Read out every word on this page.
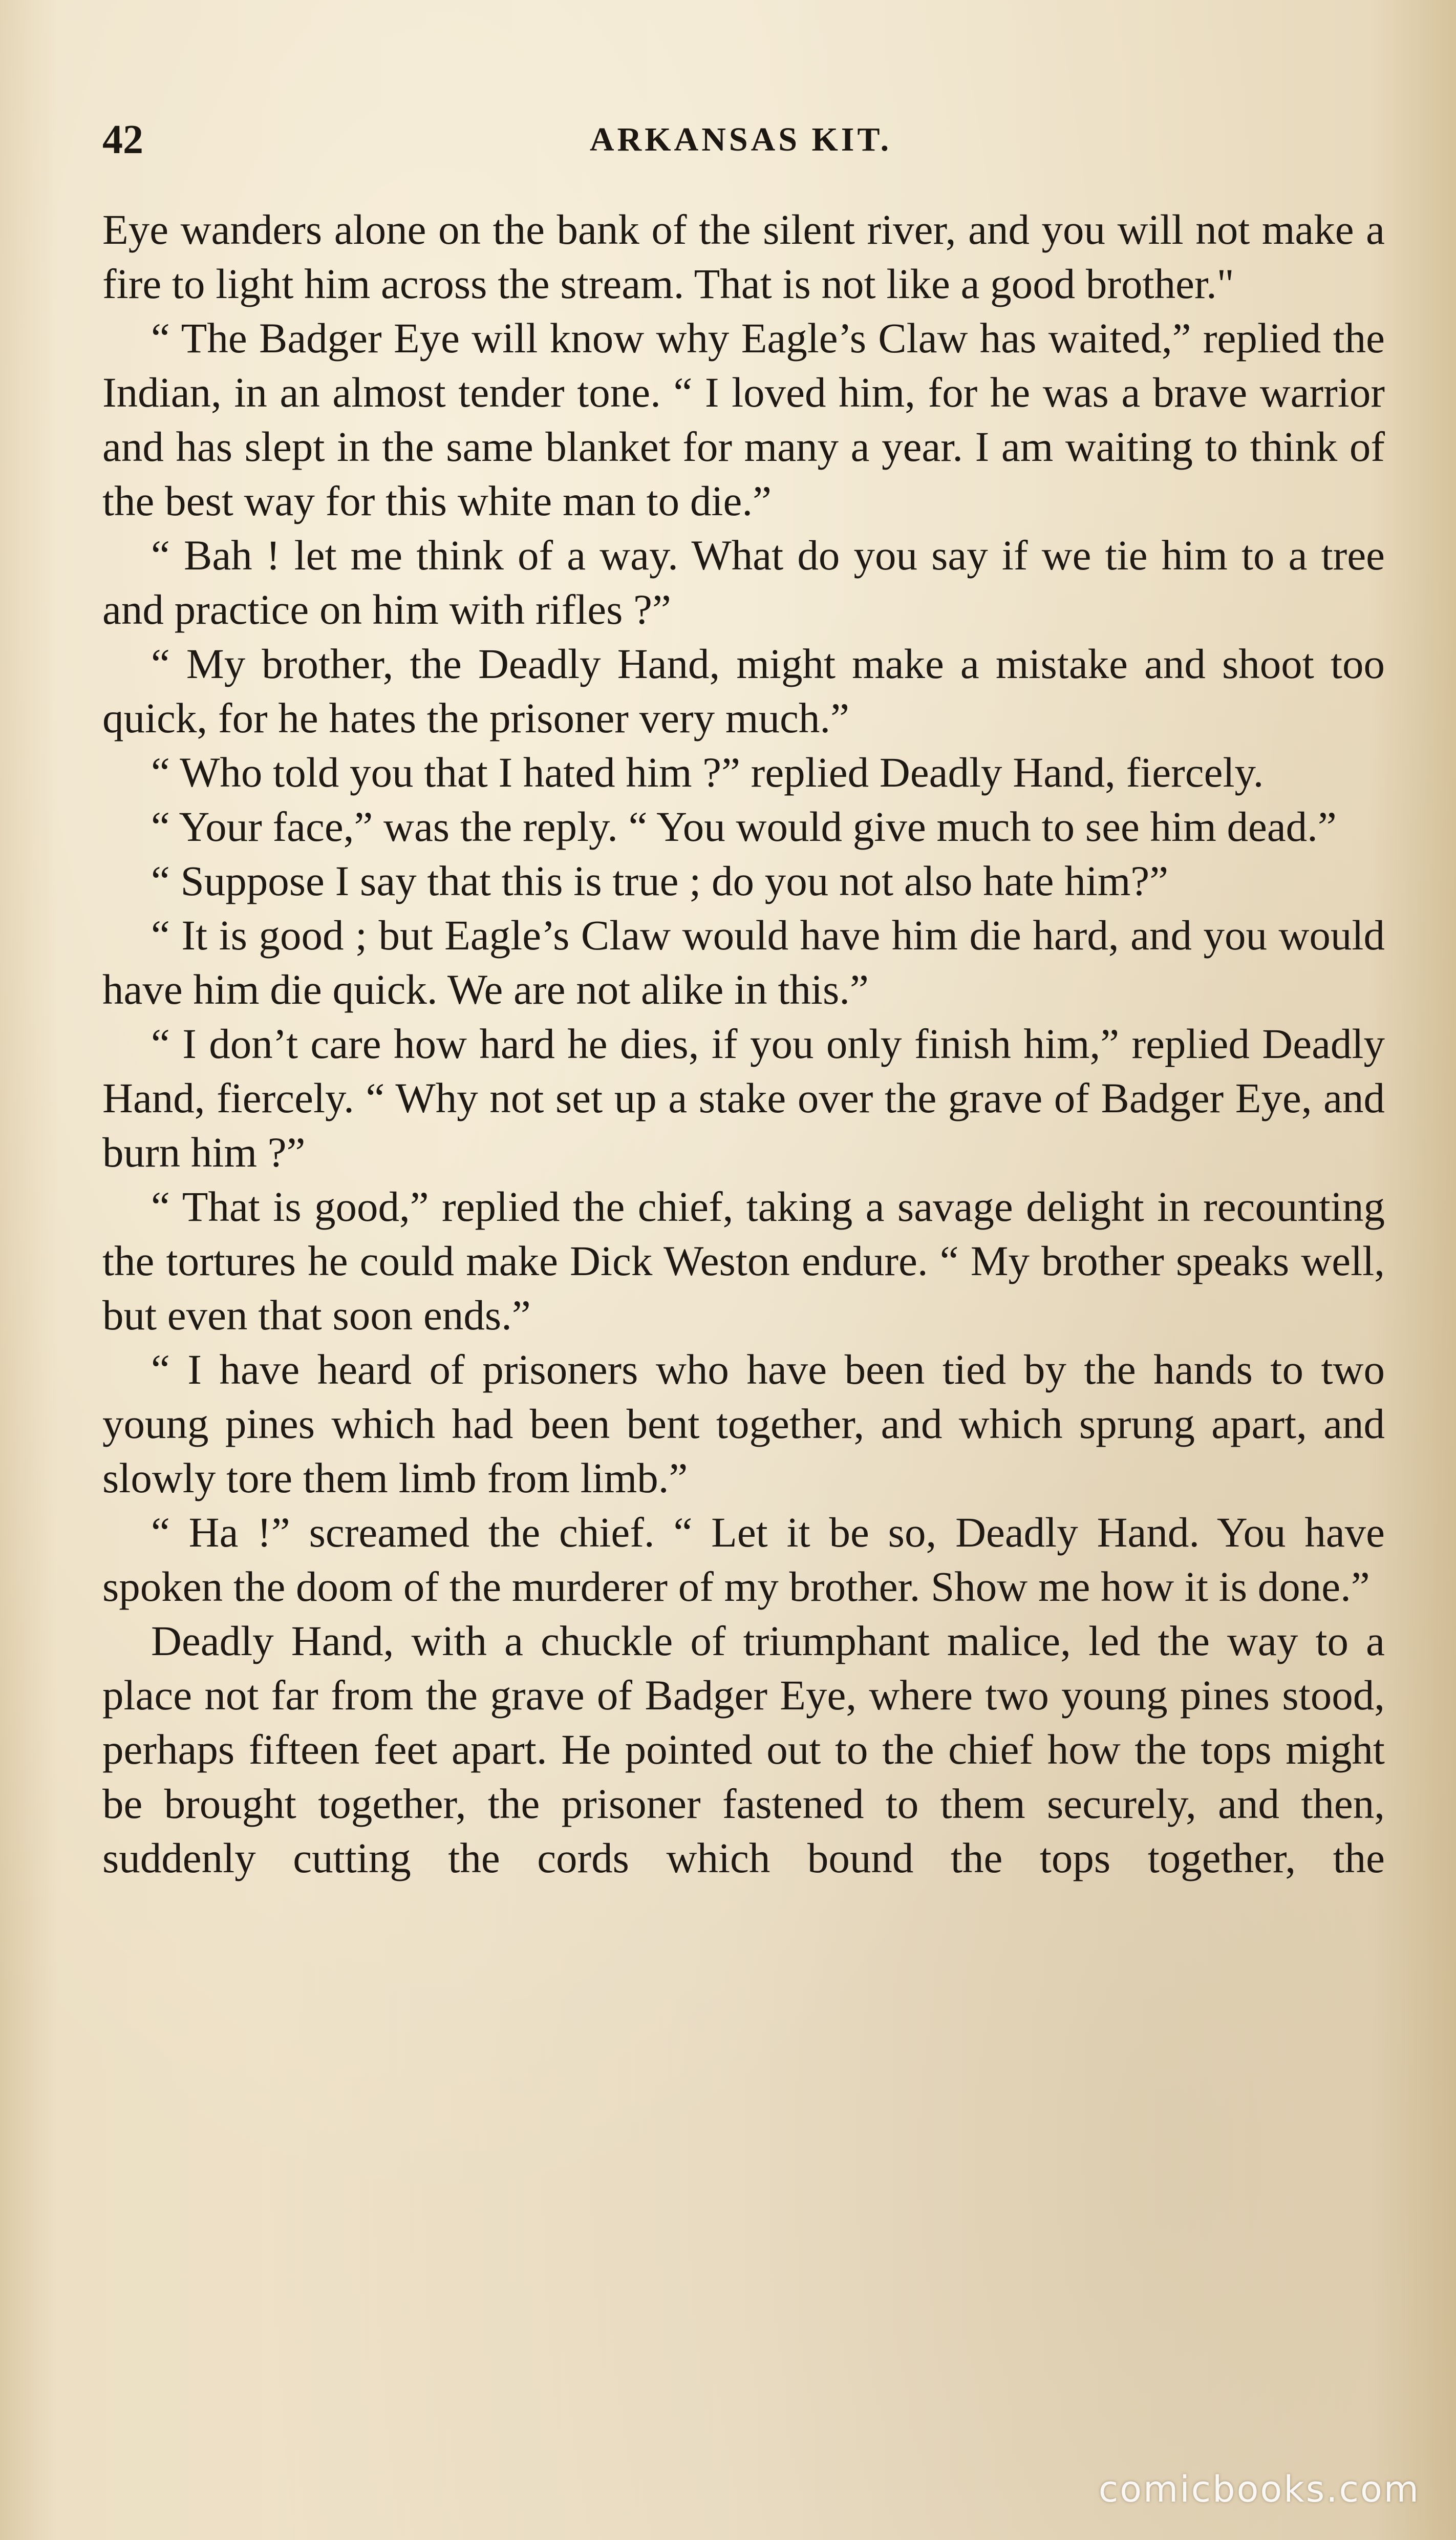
42	ARKANSAS KIT.

Eye wanders alone on the bank of the silent river, and you will not make a fire to light him across the stream. That is not like a good brother."

“ The Badger Eye will know why Eagle’s Claw has waited,” replied the Indian, in an almost tender tone. “ I loved him, for he was a brave warrior and has slept in the same blanket for many a year. I am waiting to think of the best way for this white man to die.”

“ Bah ! let me think of a way. What do you say if we tie him to a tree and practice on him with rifles ?”

“ My brother, the Deadly Hand, might make a mistake and shoot too quick, for he hates the prisoner very much.”

“ Who told you that I hated him ?” replied Deadly Hand, fiercely.

“ Your face,” was the reply. “ You would give much to see him dead.”

“ Suppose I say that this is true ; do you not also hate him?”

“ It is good ; but Eagle’s Claw would have him die hard, and you would have him die quick. We are not alike in this.”

“ I don’t care how hard he dies, if you only finish him,” replied Deadly Hand, fiercely. “ Why not set up a stake over the grave of Badger Eye, and burn him ?”

“ That is good,” replied the chief, taking a savage delight in recounting the tortures he could make Dick Weston endure. “ My brother speaks well, but even that soon ends.”

“ I have heard of prisoners who have been tied by the hands to two young pines which had been bent together, and which sprung apart, and slowly tore them limb from limb.”

“ Ha !” screamed the chief. “ Let it be so, Deadly Hand. You have spoken the doom of the murderer of my brother. Show me how it is done.”

Deadly Hand, with a chuckle of triumphant malice, led the way to a place not far from the grave of Badger Eye, where two young pines stood, perhaps fifteen feet apart. He pointed out to the chief how the tops might be brought together, the prisoner fastened to them securely, and then, suddenly cutting the cords which bound the tops together, the

comicbooks.com
